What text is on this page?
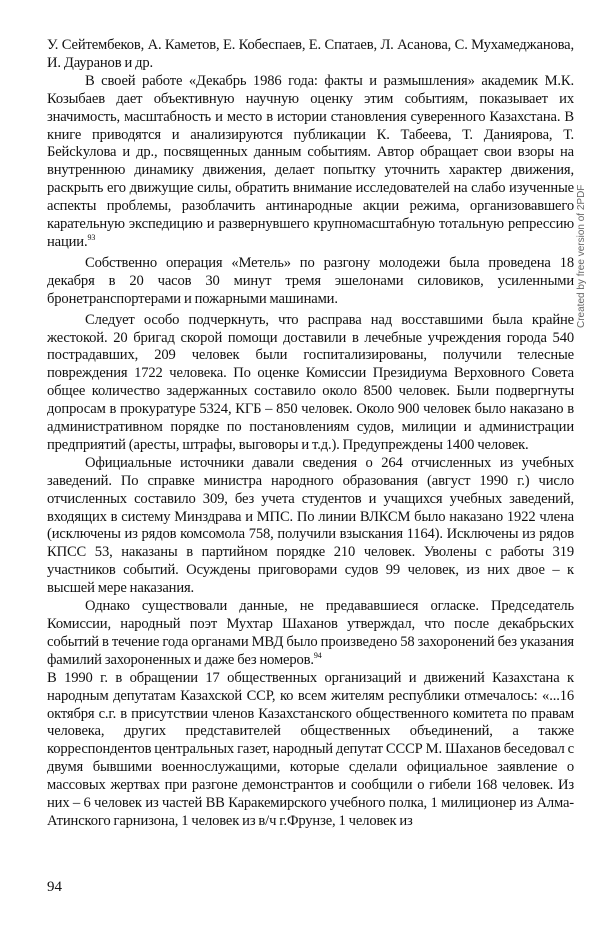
У. Сейтембеков, А. Каметов, Е. Кобеспаев, Е. Спатаев, Л. Асанова, С. Мухамеджанова, И. Дауранов и др.

В своей работе «Декабрь 1986 года: факты и размышления» академик М.К. Козыбаев дает объективную научную оценку этим событиям, показывает их значимость, масштабность и место в истории становления суверенного Казахстана. В книге приводятся и анализируются публикации К. Табеева, Т. Даниярова, Т. Бейсkулова и др., посвященных данным событиям. Автор обращает свои взоры на внутреннюю динамику движения, делает попытку уточнить характер движения, раскрыть его движущие силы, обратить внимание исследователей на слабо изученные аспекты проблемы, разоблачить антинародные акции режима, организовавшего карательную экспедицию и развернувшего крупномасштабную тотальную репрессию нации.$^{93}$

Собственно операция «Метель» по разгону молодежи была проведена 18 декабря в 20 часов 30 минут тремя эшелонами силовиков, усиленными бронетранспортерами и пожарными машинами.

Следует особо подчеркнуть, что расправа над восставшими была крайне жестокой. 20 бригад скорой помощи доставили в лечебные учреждения города 540 пострадавших, 209 человек были госпитализированы, получили телесные повреждения 1722 человека. По оценке Комиссии Президиума Верховного Совета общее количество задержанных составило около 8500 человек. Были подвергнуты допросам в прокуратуре 5324, КГБ – 850 человек. Около 900 человек было наказано в административном порядке по постановлениям судов, милиции и администрации предприятий (аресты, штрафы, выговоры и т.д.). Предупреждены 1400 человек.

Официальные источники давали сведения о 264 отчисленных из учебных заведений. По справке министра народного образования (август 1990 г.) число отчисленных составило 309, без учета студентов и учащихся учебных заведений, входящих в систему Минздрава и МПС. По линии ВЛКСМ было наказано 1922 члена (исключены из рядов комсомола 758, получили взыскания 1164). Исключены из рядов КПСС 53, наказаны в партийном порядке 210 человек. Уволены с работы 319 участников событий. Осуждены приговорами судов 99 человек, из них двое – к высшей мере наказания.

Однако существовали данные, не предававшиеся огласке. Председатель Комиссии, народный поэт Мухтар Шаханов утверждал, что после декабрьских событий в течение года органами МВД было произведено 58 захоронений без указания фамилий захороненных и даже без номеров.$^{94}$

В 1990 г. в обращении 17 общественных организаций и движений Казахстана к народным депутатам Казахской ССР, ко всем жителям республики отмечалось: «...16 октября с.г. в присутствии членов Казахстанского общественного комитета по правам человека, других представителей общественных объединений, а также корреспондентов центральных газет, народный депутат СССР М. Шаханов беседовал с двумя бывшими военнослужащими, которые сделали официальное заявление о массовых жертвах при разгоне демонстрантов и сообщили о гибели 168 человек. Из них – 6 человек из частей ВВ Каракемирского учебного полка, 1 милиционер из Алма-Атинского гарнизона, 1 человек из в/ч г.Фрунзе, 1 человек из

Created by free version of 2PDF
94
